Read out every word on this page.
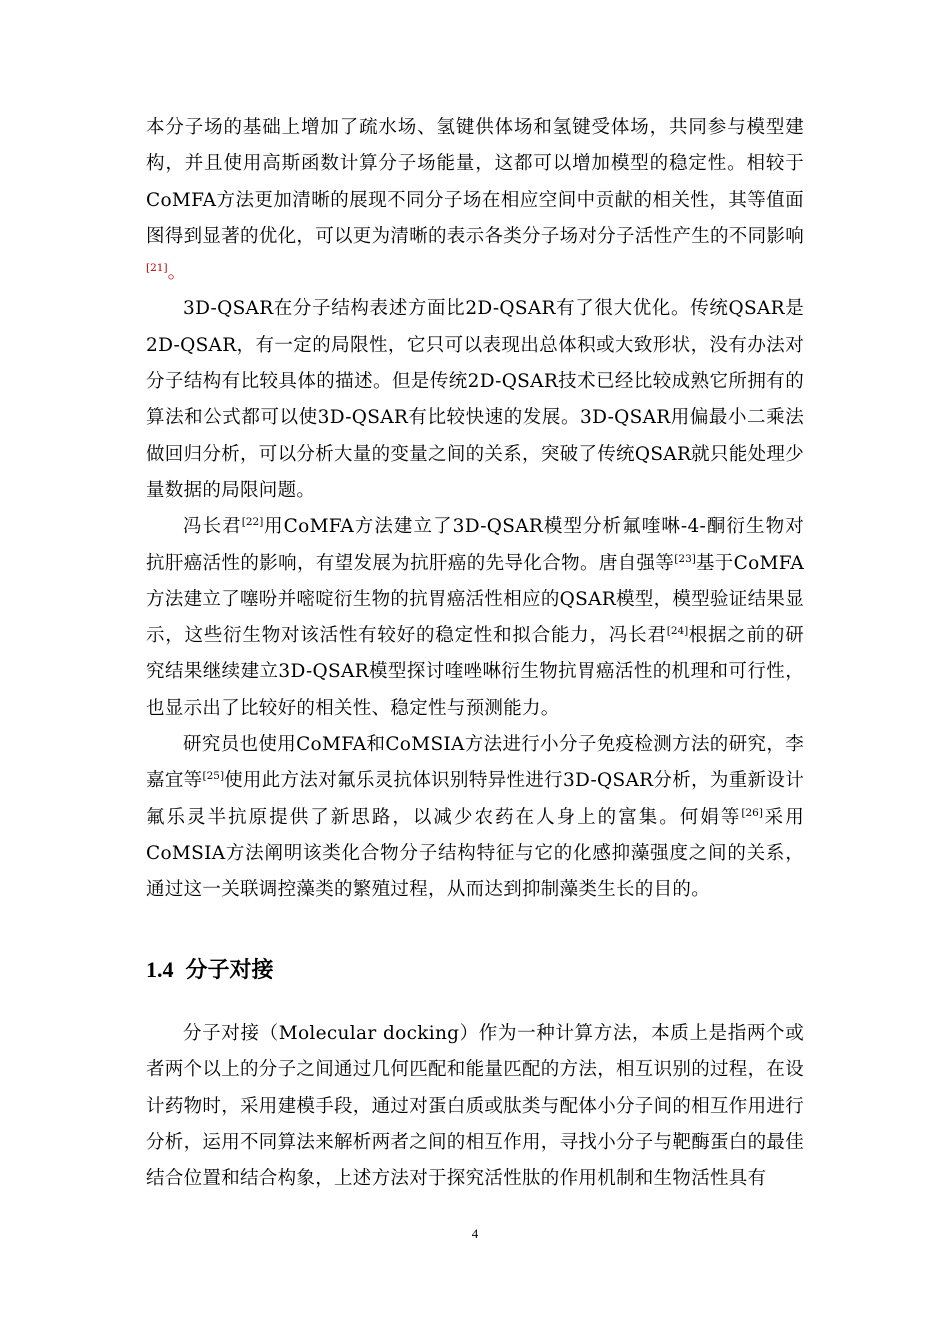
本分子场的基础上增加了疏水场、氢键供体场和氢键受体场，共同参与模型建构，并且使用高斯函数计算分子场能量，这都可以增加模型的稳定性。相较于CoMFA方法更加清晰的展现不同分子场在相应空间中贡献的相关性，其等值面图得到显著的优化，可以更为清晰的表示各类分子场对分子活性产生的不同影响[21]。

3D-QSAR在分子结构表述方面比2D-QSAR有了很大优化。传统QSAR是2D-QSAR，有一定的局限性，它只可以表现出总体积或大致形状，没有办法对分子结构有比较具体的描述。但是传统2D-QSAR技术已经比较成熟它所拥有的算法和公式都可以使3D-QSAR有比较快速的发展。3D-QSAR用偏最小二乘法做回归分析，可以分析大量的变量之间的关系，突破了传统QSAR就只能处理少量数据的局限问题。

冯长君[22]用CoMFA方法建立了3D-QSAR模型分析氟喹啉-4-酮衍生物对抗肝癌活性的影响，有望发展为抗肝癌的先导化合物。唐自强等[23]基于CoMFA方法建立了噻吩并嘧啶衍生物的抗胃癌活性相应的QSAR模型，模型验证结果显示，这些衍生物对该活性有较好的稳定性和拟合能力，冯长君[24]根据之前的研究结果继续建立3D-QSAR模型探讨喹唑啉衍生物抗胃癌活性的机理和可行性，也显示出了比较好的相关性、稳定性与预测能力。

研究员也使用CoMFA和CoMSIA方法进行小分子免疫检测方法的研究，李嘉宜等[25]使用此方法对氟乐灵抗体识别特异性进行3D-QSAR分析，为重新设计氟乐灵半抗原提供了新思路，以减少农药在人身上的富集。何娟等[26]采用CoMSIA方法阐明该类化合物分子结构特征与它的化感抑藻强度之间的关系，通过这一关联调控藻类的繁殖过程，从而达到抑制藻类生长的目的。

1.4 分子对接

分子对接（Molecular docking）作为一种计算方法，本质上是指两个或者两个以上的分子之间通过几何匹配和能量匹配的方法，相互识别的过程，在设计药物时，采用建模手段，通过对蛋白质或肽类与配体小分子间的相互作用进行分析，运用不同算法来解析两者之间的相互作用，寻找小分子与靶酶蛋白的最佳结合位置和结合构象，上述方法对于探究活性肽的作用机制和生物活性具有

4
